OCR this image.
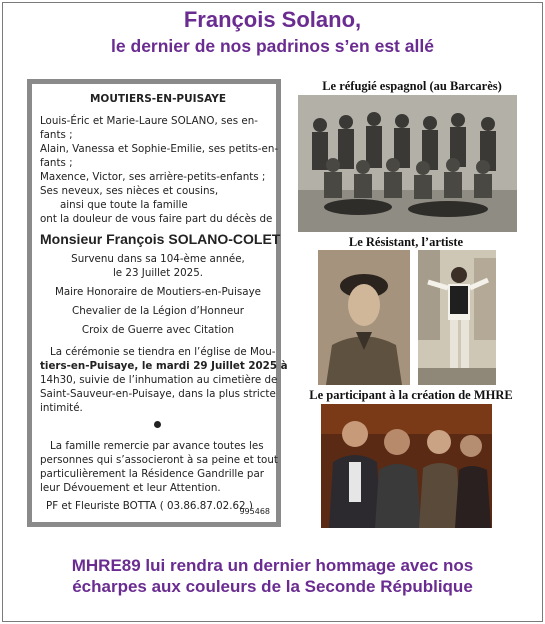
François Solano,
le dernier de nos padrinos s’en est allé
MOUTIERS-EN-PUISAYE
Louis-Éric et Marie-Laure SOLANO, ses en-
fants ;
Alain, Vanessa et Sophie-Emilie, ses petits-en-
fants ;
Maxence, Victor, ses arrière-petits-enfants ;
Ses neveux, ses nièces et cousins,
ainsi que toute la famille
ont la douleur de vous faire part du décès de
Monsieur François SOLANO-COLET
Survenu dans sa 104-ème année,
le 23 Juillet 2025.
Maire Honoraire de Moutiers-en-Puisaye
Chevalier de la Légion d’Honneur
Croix de Guerre avec Citation
La cérémonie se tiendra en l’église de Mou-
tiers-en-Puisaye, le mardi 29 Juillet 2025 à
14h30, suivie de l’inhumation au cimetière de
Saint-Sauveur-en-Puisaye, dans la plus stricte
intimité.
La famille remercie par avance toutes les
personnes qui s’associeront à sa peine et tout
particulièrement la Résidence Gandrille par
leur Dévouement et leur Attention.
PF et Fleuriste BOTTA ( 03.86.87.02.62 )
995468
Le réfugié espagnol (au Barcarès)
Le Résistant, l’artiste
Le participant à la création de MHRE
MHRE89 lui rendra un dernier hommage avec nos
écharpes aux couleurs de la Seconde République
